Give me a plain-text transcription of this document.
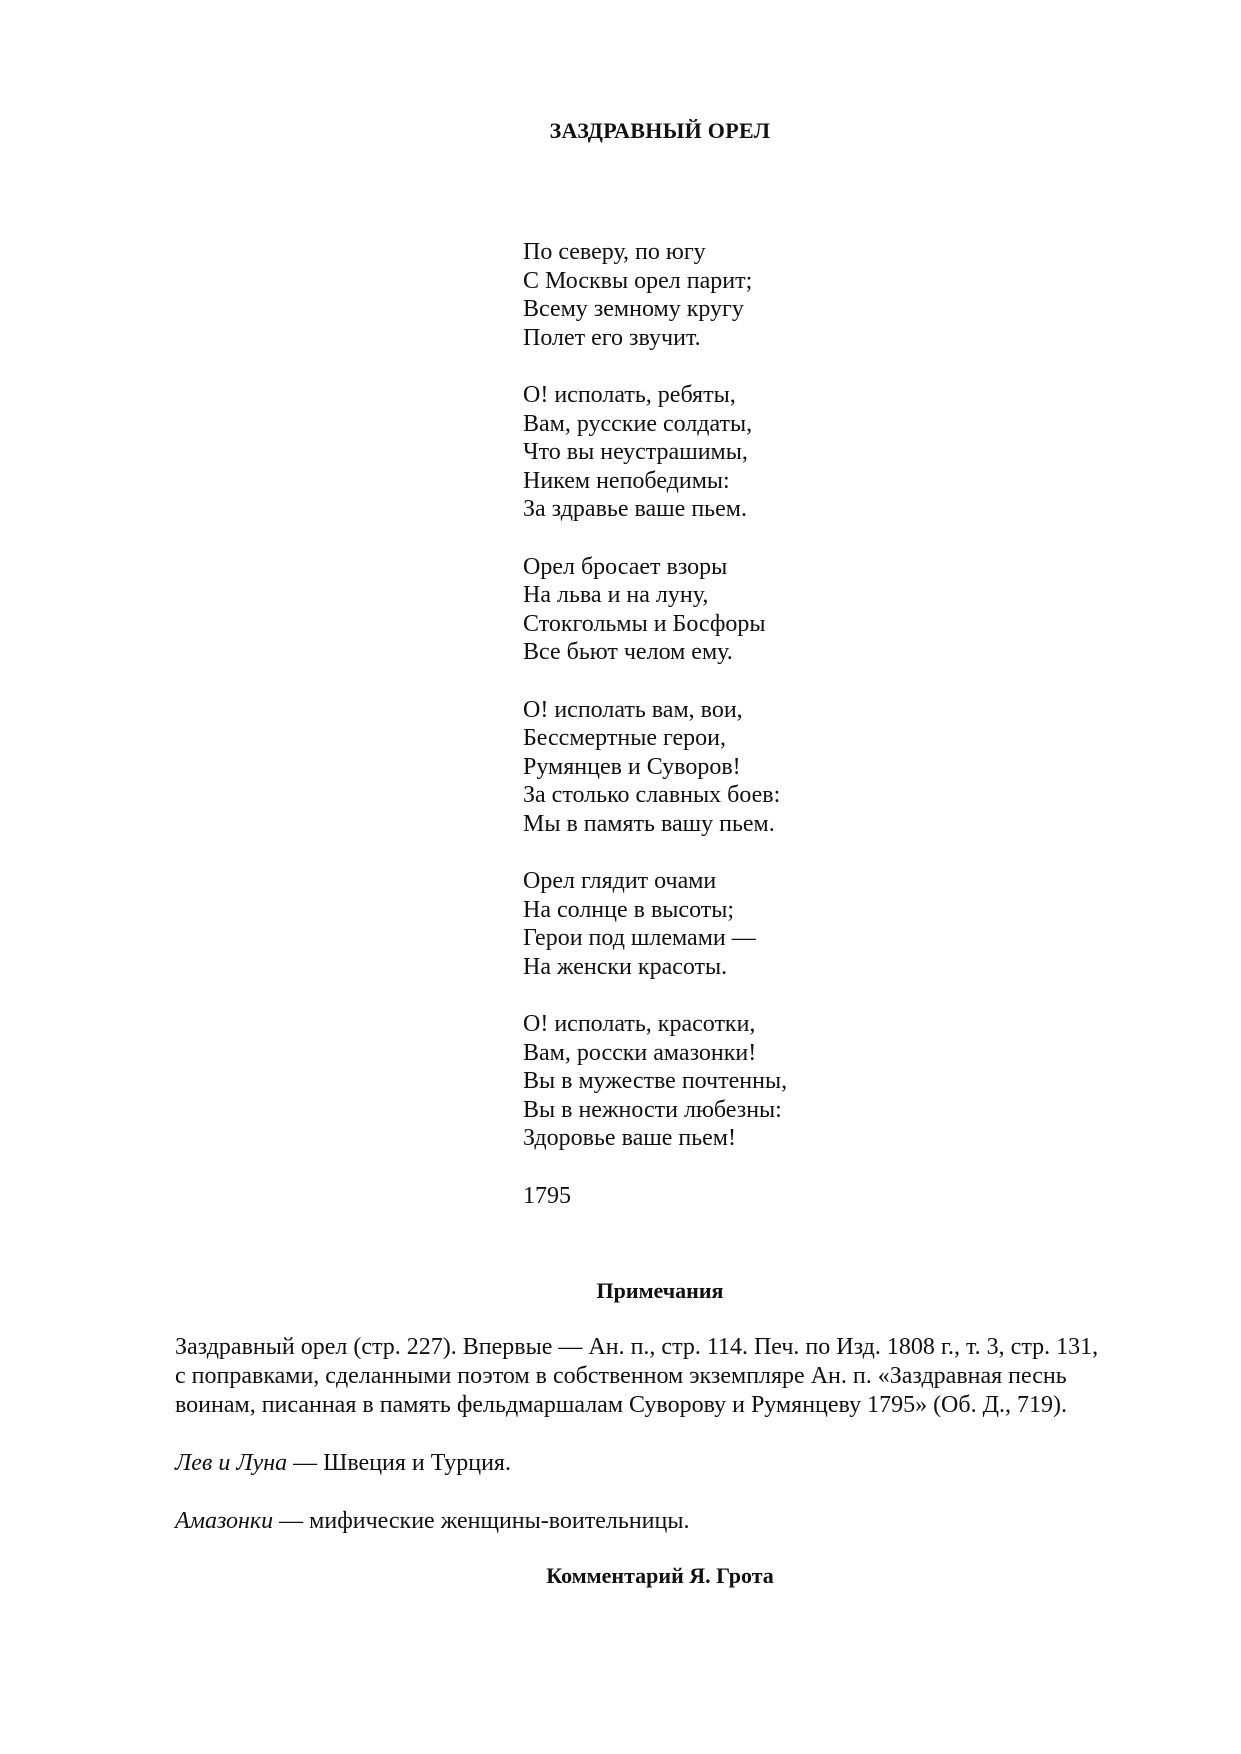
ЗАЗДРАВНЫЙ ОРЕЛ
По северу, по югу
С Москвы орел парит;
Всему земному кругу
Полет его звучит.
О! исполать, ребяты,
Вам, русские солдаты,
Что вы неустрашимы,
Никем непобедимы:
За здравье ваше пьем.
Орел бросает взоры
На льва и на луну,
Стокгольмы и Босфоры
Все бьют челом ему.
О! исполать вам, вои,
Бессмертные герои,
Румянцев и Суворов!
За столько славных боев:
Мы в память вашу пьем.
Орел глядит очами
На солнце в высоты;
Герои под шлемами —
На женски красоты.
О! исполать, красотки,
Вам, росски амазонки!
Вы в мужестве почтенны,
Вы в нежности любезны:
Здоровье ваше пьем!
1795
Примечания

Заздравный орел (стр. 227). Впервые — Ан. п., стр. 114. Печ. по Изд. 1808 г., т. 3, стр. 131,
с поправками, сделанными поэтом в собственном экземпляре Ан. п. «Заздравная песнь
воинам, писанная в память фельдмаршалам Суворову и Румянцеву 1795» (Об. Д., 719).

Лев и Луна — Швеция и Турция.

Амазонки — мифические женщины-воительницы.

Комментарий Я. Грота
